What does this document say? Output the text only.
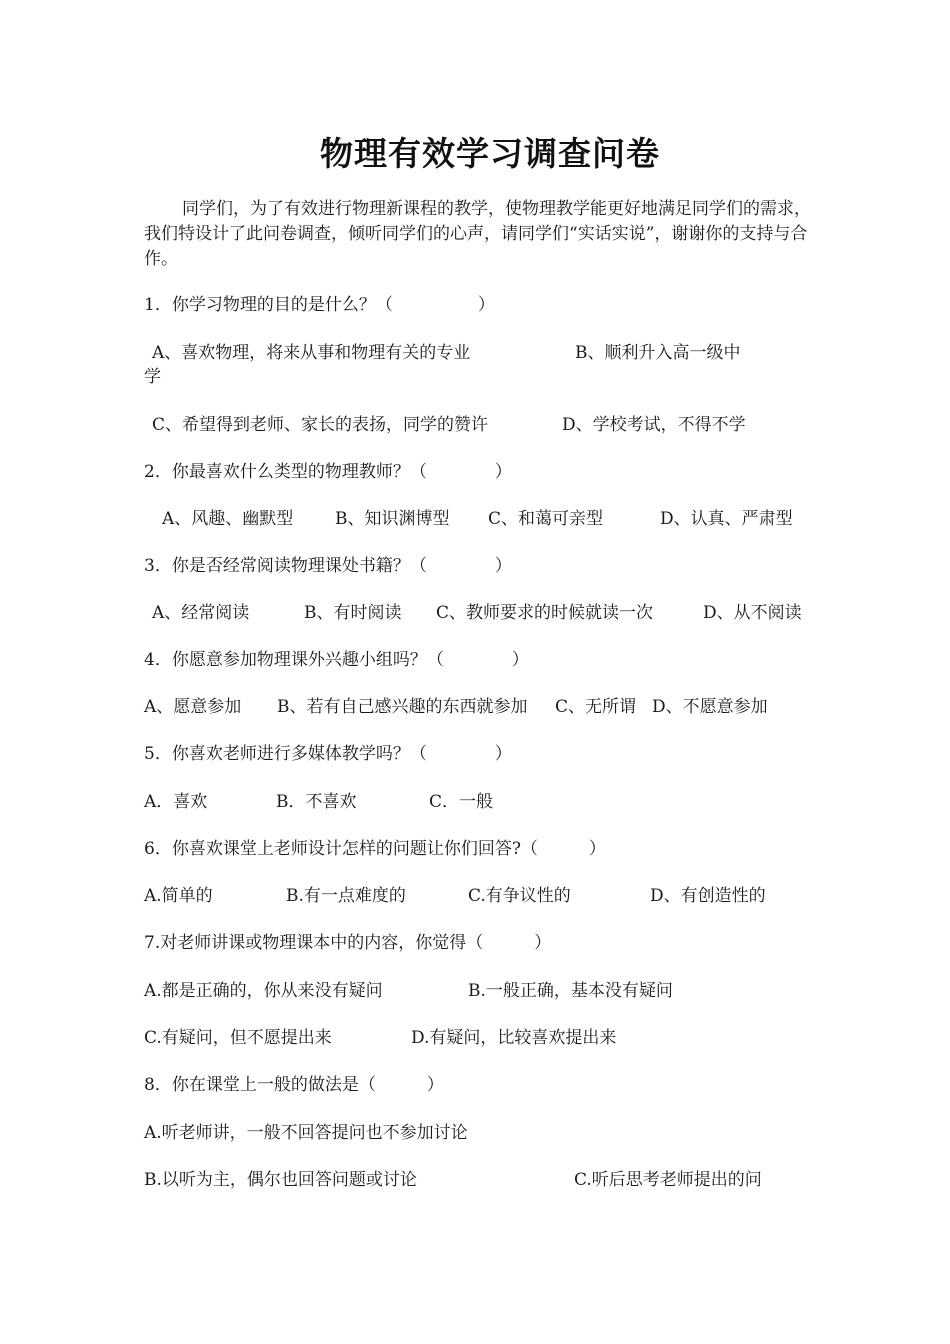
物理有效学习调查问卷

同学们，为了有效进行物理新课程的教学，使物理教学能更好地满足同学们的需求，我们特设计了此问卷调查，倾听同学们的心声，请同学们“实话实说”，谢谢你的支持与合作。

1．你学习物理的目的是什么？（　　　　　）
A、喜欢物理，将来从事和物理有关的专业	B、顺利升入高一级中
学
C、希望得到老师、家长的表扬，同学的赞许	D、学校考试，不得不学
2．你最喜欢什么类型的物理教师？（　　　　）
A、风趣、幽默型 B、知识渊博型 C、和蔼可亲型	D、认真、严肃型
3．你是否经常阅读物理课处书籍？（　　　　）
A、经常阅读	B、有时阅读 C、教师要求的时候就读一次	D、从不阅读
4．你愿意参加物理课外兴趣小组吗？（　　　　）
A、愿意参加 B、若有自己感兴趣的东西就参加 C、无所谓 D、不愿意参加
5．你喜欢老师进行多媒体教学吗？（　　　　）
A．喜欢	B．不喜欢	C．一般
6．你喜欢课堂上老师设计怎样的问题让你们回答?（　　　）
A.简单的	B.有一点难度的	C.有争议性的	D、有创造性的
7.对老师讲课或物理课本中的内容，你觉得（　　　）
A.都是正确的，你从来没有疑问	B.一般正确，基本没有疑问
C.有疑问，但不愿提出来	D.有疑问，比较喜欢提出来
8．你在课堂上一般的做法是（　　　）
A.听老师讲，一般不回答提问也不参加讨论
B.以听为主，偶尔也回答问题或讨论	C.听后思考老师提出的问
